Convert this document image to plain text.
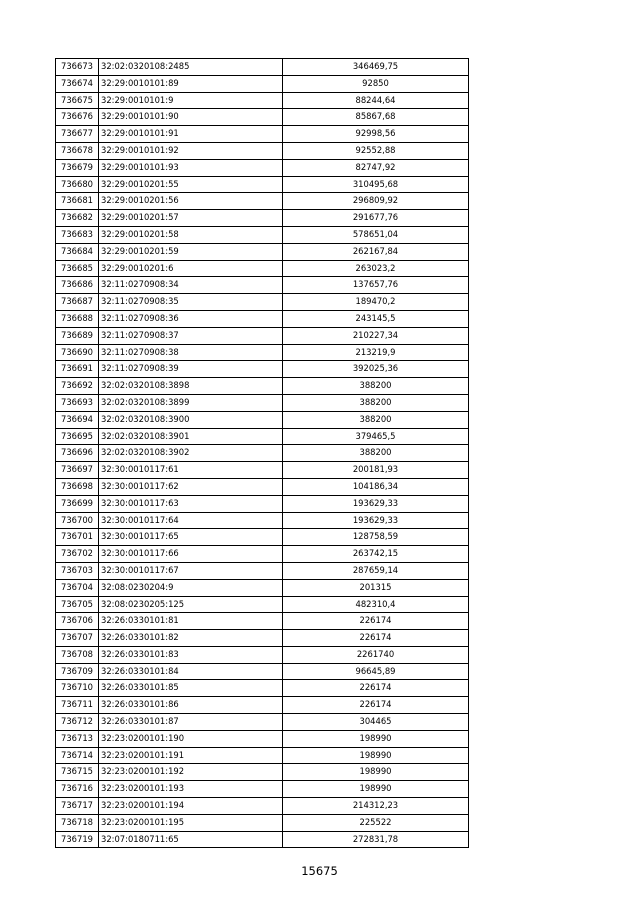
736673	32:02:0320108:2485	346469,75
736674	32:29:0010101:89	92850
736675	32:29:0010101:9	88244,64
736676	32:29:0010101:90	85867,68
736677	32:29:0010101:91	92998,56
736678	32:29:0010101:92	92552,88
736679	32:29:0010101:93	82747,92
736680	32:29:0010201:55	310495,68
736681	32:29:0010201:56	296809,92
736682	32:29:0010201:57	291677,76
736683	32:29:0010201:58	578651,04
736684	32:29:0010201:59	262167,84
736685	32:29:0010201:6	263023,2
736686	32:11:0270908:34	137657,76
736687	32:11:0270908:35	189470,2
736688	32:11:0270908:36	243145,5
736689	32:11:0270908:37	210227,34
736690	32:11:0270908:38	213219,9
736691	32:11:0270908:39	392025,36
736692	32:02:0320108:3898	388200
736693	32:02:0320108:3899	388200
736694	32:02:0320108:3900	388200
736695	32:02:0320108:3901	379465,5
736696	32:02:0320108:3902	388200
736697	32:30:0010117:61	200181,93
736698	32:30:0010117:62	104186,34
736699	32:30:0010117:63	193629,33
736700	32:30:0010117:64	193629,33
736701	32:30:0010117:65	128758,59
736702	32:30:0010117:66	263742,15
736703	32:30:0010117:67	287659,14
736704	32:08:0230204:9	201315
736705	32:08:0230205:125	482310,4
736706	32:26:0330101:81	226174
736707	32:26:0330101:82	226174
736708	32:26:0330101:83	2261740
736709	32:26:0330101:84	96645,89
736710	32:26:0330101:85	226174
736711	32:26:0330101:86	226174
736712	32:26:0330101:87	304465
736713	32:23:0200101:190	198990
736714	32:23:0200101:191	198990
736715	32:23:0200101:192	198990
736716	32:23:0200101:193	198990
736717	32:23:0200101:194	214312,23
736718	32:23:0200101:195	225522
736719	32:07:0180711:65	272831,78
15675
